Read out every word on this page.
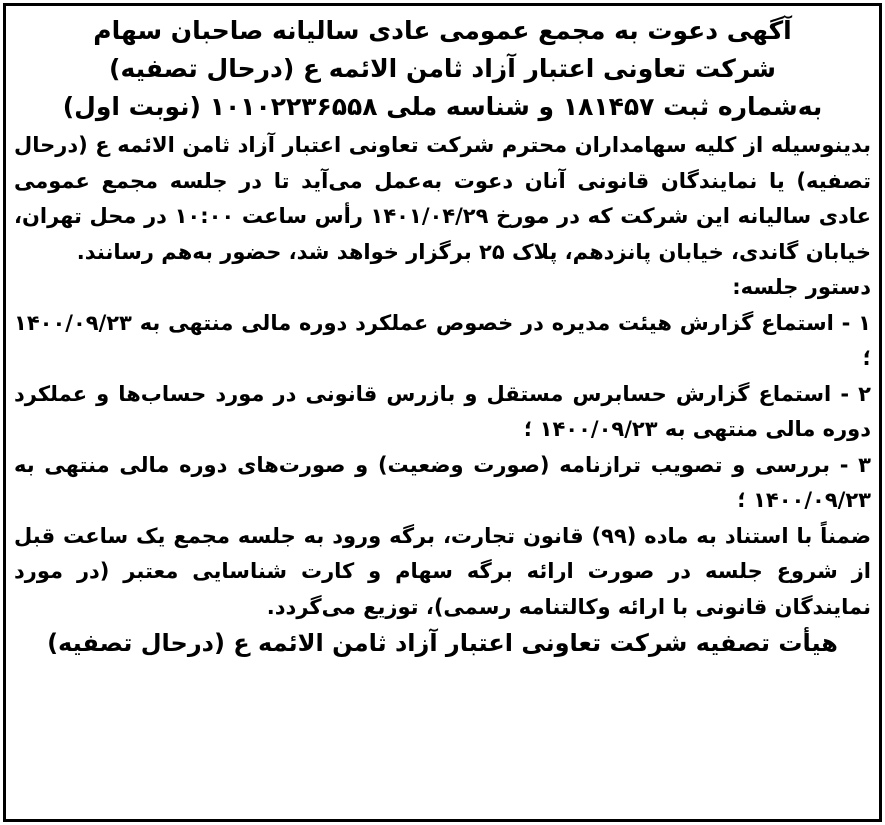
آگهی دعوت به مجمع عمومی عادی سالیانه صاحبان سهام

شرکت تعاونی اعتبار آزاد ثامن الائمه ع (درحال تصفیه)

به‌شماره ثبت ۱۸۱۴۵۷ و شناسه ملی ۱۰۱۰۲۲۳۶۵۵۸ (نوبت اول)

بدینوسیله از کلیه سهامداران محترم شرکت تعاونی اعتبار آزاد ثامن الائمه ع (درحال تصفیه) یا نمایندگان قانونی آنان دعوت به‌عمل می‌آید تا در جلسه مجمع عمومی عادی سالیانه این شرکت که در مورخ ۱۴۰۱/۰۴/۲۹ رأس ساعت ۱۰:۰۰ در محل تهران، خیابان گاندی، خیابان پانزدهم، پلاک ۲۵ برگزار خواهد شد، حضور به‌هم رسانند.

دستور جلسه:

۱ - استماع گزارش هیئت مدیره در خصوص عملکرد دوره مالی منتهی به ۱۴۰۰/۰۹/۲۳ ؛

۲ - استماع گزارش حسابرس مستقل و بازرس قانونی در مورد حساب‌ها و عملکرد دوره مالی منتهی به ۱۴۰۰/۰۹/۲۳ ؛

۳ - بررسی و تصویب ترازنامه (صورت وضعیت) و صورت‌های دوره مالی منتهی به ۱۴۰۰/۰۹/۲۳ ؛

ضمناً با استناد به ماده (۹۹) قانون تجارت، برگه ورود به جلسه مجمع یک ساعت قبل از شروع جلسه در صورت ارائه برگه سهام و کارت شناسایی معتبر (در مورد نمایندگان قانونی با ارائه وکالتنامه رسمی)، توزیع می‌گردد.

هیأت تصفیه شرکت تعاونی اعتبار آزاد ثامن الائمه ع (درحال تصفیه)
